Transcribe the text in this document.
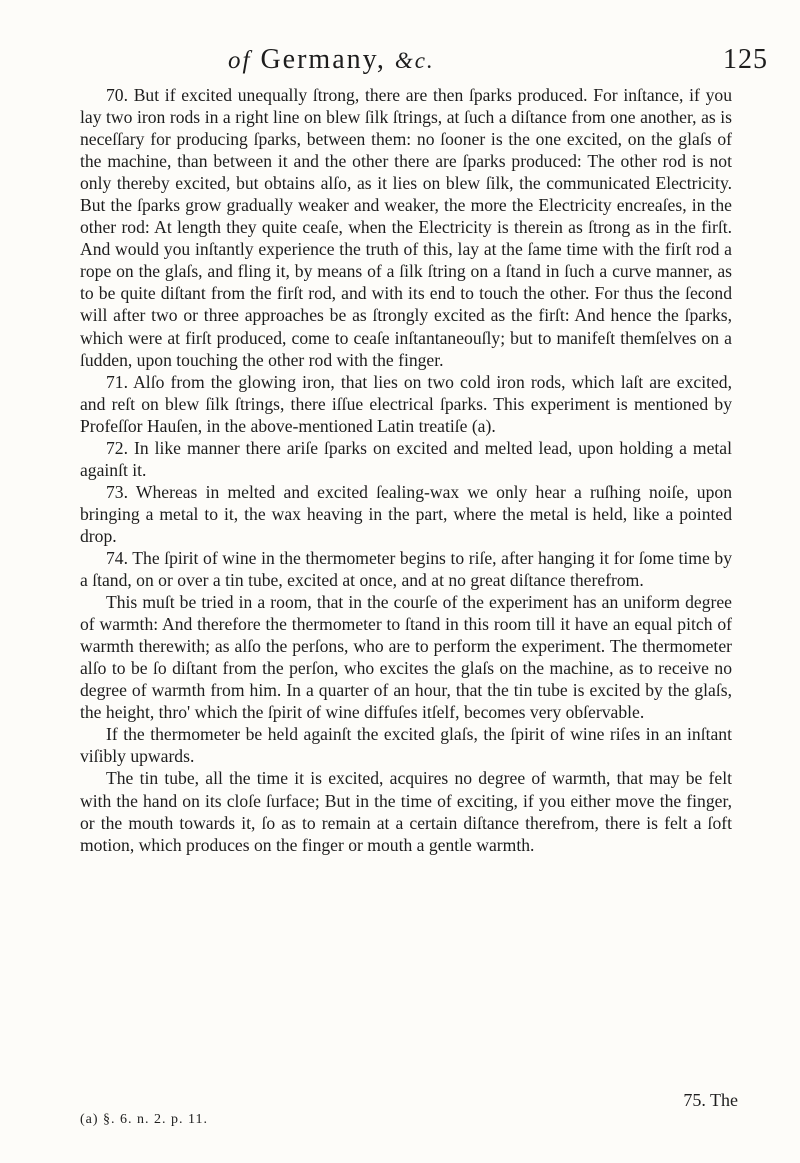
of Germany, &c.	125

70. But if excited unequally ſtrong, there are then ſparks produced. For inſtance, if you lay two iron rods in a right line on blew ſilk ſtrings, at ſuch a diſtance from one another, as is neceſſary for producing ſparks, between them: no ſooner is the one excited, on the glaſs of the machine, than between it and the other there are ſparks produced: The other rod is not only thereby excited, but obtains alſo, as it lies on blew ſilk, the communicated Electricity. But the ſparks grow gradually weaker and weaker, the more the Electricity encreaſes, in the other rod: At length they quite ceaſe, when the Electricity is therein as ſtrong as in the firſt. And would you inſtantly experience the truth of this, lay at the ſame time with the firſt rod a rope on the glaſs, and fling it, by means of a ſilk ſtring on a ſtand in ſuch a curve manner, as to be quite diſtant from the firſt rod, and with its end to touch the other. For thus the ſecond will after two or three approaches be as ſtrongly excited as the firſt: And hence the ſparks, which were at firſt produced, come to ceaſe inſtantaneouſly; but to manifeſt themſelves on a ſudden, upon touching the other rod with the finger.

71. Alſo from the glowing iron, that lies on two cold iron rods, which laſt are excited, and reſt on blew ſilk ſtrings, there iſſue electrical ſparks. This experiment is mentioned by Profeſſor Hauſen, in the above-mentioned Latin treatiſe (a).

72. In like manner there ariſe ſparks on excited and melted lead, upon holding a metal againſt it.

73. Whereas in melted and excited ſealing-wax we only hear a ruſhing noiſe, upon bringing a metal to it, the wax heaving in the part, where the metal is held, like a pointed drop.

74. The ſpirit of wine in the thermometer begins to riſe, after hanging it for ſome time by a ſtand, on or over a tin tube, excited at once, and at no great diſtance therefrom.

This muſt be tried in a room, that in the courſe of the experiment has an uniform degree of warmth: And therefore the thermometer to ſtand in this room till it have an equal pitch of warmth therewith; as alſo the perſons, who are to perform the experiment. The thermometer alſo to be ſo diſtant from the perſon, who excites the glaſs on the machine, as to receive no degree of warmth from him. In a quarter of an hour, that the tin tube is excited by the glaſs, the height, thro' which the ſpirit of wine diffuſes itſelf, becomes very obſervable.

If the thermometer be held againſt the excited glaſs, the ſpirit of wine riſes in an inſtant viſibly upwards.

The tin tube, all the time it is excited, acquires no degree of warmth, that may be felt with the hand on its cloſe ſurface; But in the time of exciting, if you either move the finger, or the mouth towards it, ſo as to remain at a certain diſtance therefrom, there is felt a ſoft motion, which produces on the finger or mouth a gentle warmth.

75. The
(a) §. 6. n. 2. p. 11.
